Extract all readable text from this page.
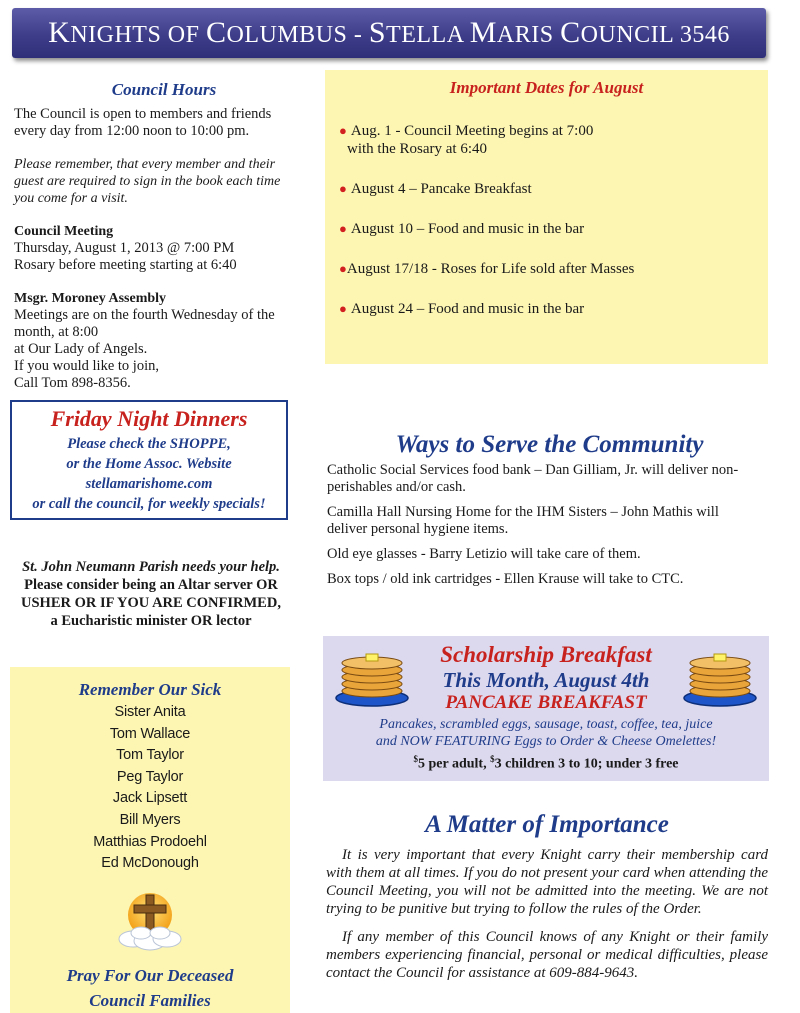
KNIGHTS OF COLUMBUS - STELLA MARIS COUNCIL 3546
Council Hours
The Council is open to members and friends
every day from 12:00 noon to 10:00 pm.
Please remember, that every member and their
guest are required to sign in the book each time
you come for a visit.
Council Meeting
Thursday, August 1, 2013 @ 7:00 PM
Rosary before meeting starting at 6:40
Msgr. Moroney Assembly
Meetings are on the fourth Wednesday of the
month, at 8:00
at Our Lady of Angels.
If you would like to join,
Call Tom 898-8356.
Important Dates for August
● Aug. 1 - Council Meeting begins at 7:00
with the Rosary at 6:40
● August 4 – Pancake Breakfast
● August 10 – Food and music in the bar
●August 17/18 - Roses for Life sold after Masses
● August 24 – Food and music in the bar
Friday Night Dinners
Please check the SHOPPE,
or the Home Assoc. Website
stellamarishome.com
or call the council, for weekly specials!
St. John Neumann Parish needs your help.
Please consider being an Altar server OR
USHER OR IF YOU ARE CONFIRMED,
a Eucharistic minister OR lector
Ways to Serve the Community
Catholic Social Services food bank – Dan Gilliam, Jr. will deliver non-
perishables and/or cash.
Camilla Hall Nursing Home for the IHM Sisters – John Mathis will
deliver personal hygiene items.
Old eye glasses - Barry Letizio will take care of them.
Box tops / old ink cartridges - Ellen Krause will take to CTC.
Scholarship Breakfast
This Month, August 4th
PANCAKE BREAKFAST
Pancakes, scrambled eggs, sausage, toast, coffee, tea, juice
and NOW FEATURING Eggs to Order & Cheese Omelettes!
$5 per adult, $3 children 3 to 10; under 3 free
Remember Our Sick
Sister Anita
Tom Wallace
Tom Taylor
Peg Taylor
Jack Lipsett
Bill Myers
Matthias Prodoehl
Ed McDonough
Pray For Our Deceased
Council Families
A Matter of Importance

It is very important that every Knight carry their membership card with them at all times. If you do not present your card when attending the Council Meeting, you will not be admitted into the meeting. We are not trying to be punitive but trying to follow the rules of the Order.

If any member of this Council knows of any Knight or their family members experiencing financial, personal or medical difficulties, please contact the Council for assistance at 609-884-9643.
